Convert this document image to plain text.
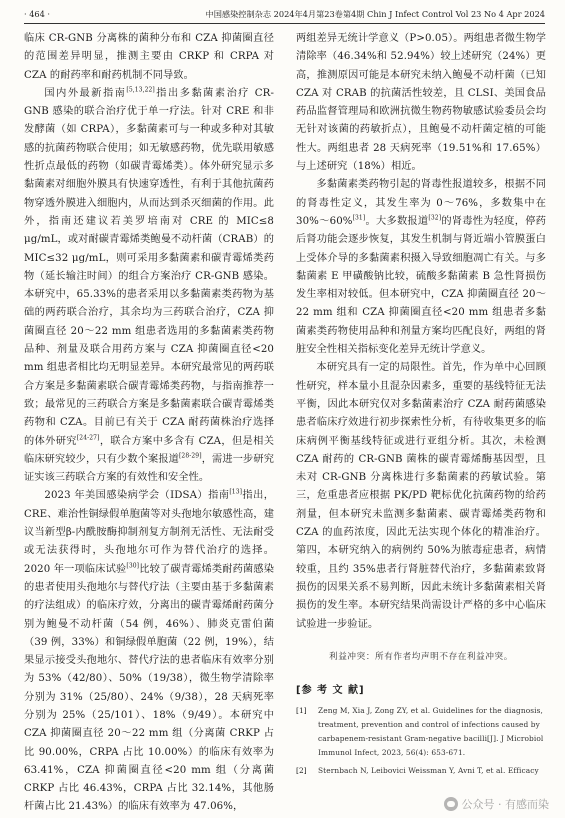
· 464 ·	中国感染控制杂志 2024年4月第23卷第4期 Chin J Infect Control Vol 23 No 4 Apr 2024

临床 CR-GNB 分离株的菌种分布和 CZA 抑菌圈直径的范围差异明显，推测主要由 CRKP 和 CRPA 对 CZA 的耐药率和耐药机制不同导致。

国内外最新指南[5,13,22]指出多黏菌素治疗 CR-GNB 感染的联合治疗优于单一疗法。针对 CRE 和非发酵菌（如 CRPA），多黏菌素可与一种或多种对其敏感的抗菌药物联合使用；如无敏感药物，优先联用敏感性折点最低的药物（如碳青霉烯类）。体外研究显示多黏菌素对细胞外膜具有快速穿透性，有利于其他抗菌药物穿透外膜进入细胞内，从而达到杀灭细菌的作用。此外，指南还建议若美罗培南对 CRE 的 MIC≤8 μg/mL，或对耐碳青霉烯类鲍曼不动杆菌（CRAB）的 MIC≤32 μg/mL，则可采用多黏菌素和碳青霉烯类药物（延长输注时间）的组合方案治疗 CR-GNB 感染。本研究中，65.33%的患者采用以多黏菌素类药物为基础的两药联合治疗，其余均为三药联合治疗，CZA 抑菌圈直径 20～22 mm 组患者选用的多黏菌素类药物品种、剂量及联合用药方案与 CZA 抑菌圈直径<20 mm 组患者相比均无明显差异。本研究最常见的两药联合方案是多黏菌素联合碳青霉烯类药物，与指南推荐一致；最常见的三药联合方案是多黏菌素联合碳青霉烯类药物和 CZA。目前已有关于 CZA 耐药菌株治疗选择的体外研究[24-27]，联合方案中多含有 CZA，但是相关临床研究较少，只有少数个案报道[28-29]，需进一步研究证实该三药联合方案的有效性和安全性。

2023 年美国感染病学会（IDSA）指南[13]指出，CRE、难治性铜绿假单胞菌等对头孢地尔敏感性高，建议当新型β-内酰胺酶抑制剂复方制剂无活性、无法耐受或无法获得时，头孢地尔可作为替代治疗的选择。2020 年一项临床试验[30]比较了碳青霉烯类耐药菌感染的患者使用头孢地尔与替代疗法（主要由基于多黏菌素的疗法组成）的临床疗效，分离出的碳青霉烯耐药菌分别为鲍曼不动杆菌（54 例，46%）、肺炎克雷伯菌（39 例，33%）和铜绿假单胞菌（22 例，19%），结果显示接受头孢地尔、替代疗法的患者临床有效率分别为 53%（42/80）、50%（19/38），微生物学清除率分别为 31%（25/80）、24%（9/38），28 天病死率分别为 25%（25/101）、18%（9/49）。本研究中 CZA 抑菌圈直径 20～22 mm 组（分离菌 CRKP 占比 90.00%，CRPA 占比 10.00%）的临床有效率为 63.41%，CZA 抑菌圈直径<20 mm 组（分离菌 CRKP 占比 46.43%，CRPA 占比 32.14%，其他肠杆菌占比 21.43%）的临床有效率为 47.06%，

两组差异无统计学意义（P>0.05）。两组患者微生物学清除率（46.34%和 52.94%）较上述研究（24%）更高，推测原因可能是本研究未纳入鲍曼不动杆菌（已知 CZA 对 CRAB 的抗菌活性较差，且 CLSI、美国食品药品监督管理局和欧洲抗微生物药物敏感试验委员会均无针对该菌的药敏折点），且鲍曼不动杆菌定植的可能性大。两组患者 28 天病死率（19.51%和 17.65%）与上述研究（18%）相近。

多黏菌素类药物引起的肾毒性报道较多，根据不同的肾毒性定义，其发生率为 0～76%，多数集中在 30%～60%[31]。大多数报道[32]的肾毒性为轻度，停药后肾功能会逐步恢复，其发生机制与肾近端小管膜蛋白上受体介导的多黏菌素积摄入导致细胞凋亡有关。与多黏菌素 E 甲磺酸钠比较，硫酸多黏菌素 B 急性肾损伤发生率相对较低。但本研究中，CZA 抑菌圈直径 20～22 mm 组和 CZA 抑菌圈直径<20 mm 组患者多黏菌素类药物使用品种和剂量方案均匹配良好，两组的肾脏安全性相关指标变化差异无统计学意义。

本研究具有一定的局限性。首先，作为单中心回顾性研究，样本量小且混杂因素多，重要的基线特征无法平衡，因此本研究仅对多黏菌素治疗 CZA 耐药菌感染患者临床疗效进行初步探索性分析，有待收集更多的临床病例平衡基线特征或进行亚组分析。其次，未检测 CZA 耐药的 CR-GNB 菌株的碳青霉烯酶基因型，且未对 CR-GNB 分离株进行多黏菌素的药敏试验。第三，危重患者应根据 PK/PD 靶标优化抗菌药物的给药剂量，但本研究未监测多黏菌素、碳青霉烯类药物和 CZA 的血药浓度，因此无法实现个体化的精准治疗。第四，本研究纳入的病例约 50%为脓毒症患者，病情较重，且约 35%患者行肾脏替代治疗，多黏菌素致肾损伤的因果关系不易判断，因此未统计多黏菌素相关肾损伤的发生率。本研究结果尚需设计严格的多中心临床试验进一步验证。

利益冲突：所有作者均声明不存在利益冲突。
[参 考 文 献]
[1]	Zeng M, Xia J, Zong ZY, et al. Guidelines for the diagnosis, treatment, prevention and control of infections caused by carbapenem-resistant Gram-negative bacilli[J]. J Microbiol Immunol Infect, 2023, 56(4): 653-671.
[2]	Sternbach N, Leibovici Weissman Y, Avni T, et al. Efficacy
公众号 · 有感而染
